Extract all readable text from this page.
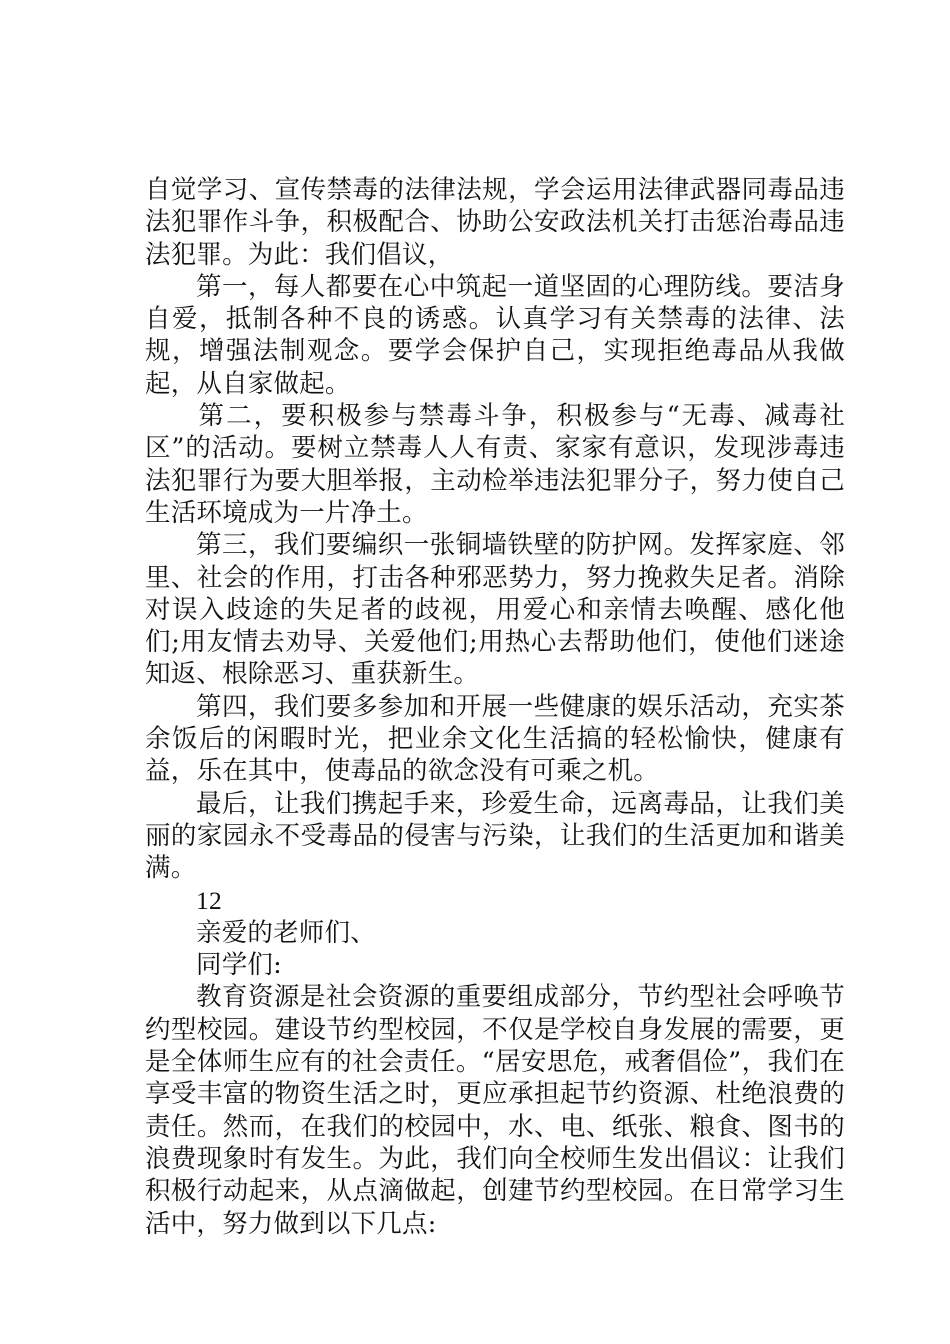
自觉学习、宣传禁毒的法律法规，学会运用法律武器同毒品违法犯罪作斗争，积极配合、协助公安政法机关打击惩治毒品违法犯罪。为此：我们倡议，

第一，每人都要在心中筑起一道坚固的心理防线。要洁身自爱，抵制各种不良的诱惑。认真学习有关禁毒的法律、法规，增强法制观念。要学会保护自己，实现拒绝毒品从我做起，从自家做起。

第二，要积极参与禁毒斗争，积极参与“无毒、减毒社区”的活动。要树立禁毒人人有责、家家有意识，发现涉毒违法犯罪行为要大胆举报，主动检举违法犯罪分子，努力使自己生活环境成为一片净土。

第三，我们要编织一张铜墙铁壁的防护网。发挥家庭、邻里、社会的作用，打击各种邪恶势力，努力挽救失足者。消除对误入歧途的失足者的歧视，用爱心和亲情去唤醒、感化他们;用友情去劝导、关爱他们;用热心去帮助他们，使他们迷途知返、根除恶习、重获新生。

第四，我们要多参加和开展一些健康的娱乐活动，充实茶余饭后的闲暇时光，把业余文化生活搞的轻松愉快，健康有益，乐在其中，使毒品的欲念没有可乘之机。

最后，让我们携起手来，珍爱生命，远离毒品，让我们美丽的家园永不受毒品的侵害与污染，让我们的生活更加和谐美满。

12

亲爱的老师们、

同学们:

教育资源是社会资源的重要组成部分，节约型社会呼唤节约型校园。建设节约型校园，不仅是学校自身发展的需要，更是全体师生应有的社会责任。“居安思危，戒奢倡俭”，我们在享受丰富的物资生活之时，更应承担起节约资源、杜绝浪费的责任。然而，在我们的校园中，水、电、纸张、粮食、图书的浪费现象时有发生。为此，我们向全校师生发出倡议：让我们积极行动起来，从点滴做起，创建节约型校园。在日常学习生活中，努力做到以下几点:
